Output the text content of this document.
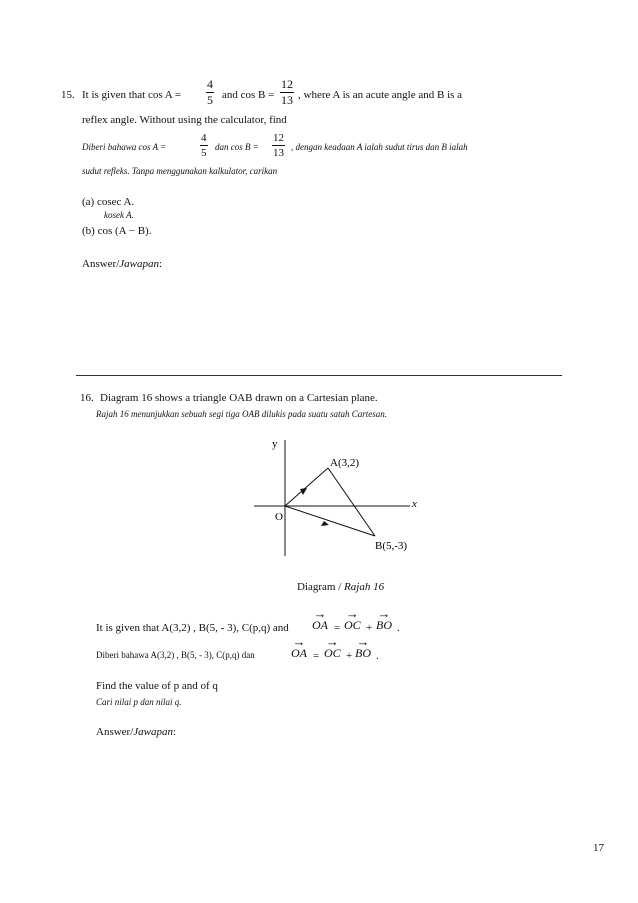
15. It is given that $\cos A = \frac{4}{5}$ and $\cos B = \frac{12}{13}$ , where A is an acute angle and B is a
reflex angle. Without using the calculator, find
Diberi bahawa cos A =	$\frac{4}{5}$ dan $\cos B = \frac{12}{13}$ , dengan keadaan A ialah sudut tirus dan B ialah
sudut refleks. Tanpa menggunakan kalkulator, carikan
(a) cosec A.
kosek A.
(b) cos (A − B).
Answer/Jawapan:
16. Diagram 16 shows a triangle OAB drawn on a Cartesian plane.
Rajah 16 menunjukkan sebuah segi tiga OAB dilukis pada suatu satah Cartesan.
y
x
O
A(3,2)
B(5,-3)
Diagram / Rajah 16
It is given that A(3,2) , B(5, - 3), C(p,q) and
→
OA =
→
OC +
→
BO .
Diberi bahawa A(3,2) , B(5, - 3), C(p,q) dan
→
OA =
→
OC +
→
BO .
Find the value of p and of q
Cari nilai p dan nilai q.
Answer/Jawapan:
17
